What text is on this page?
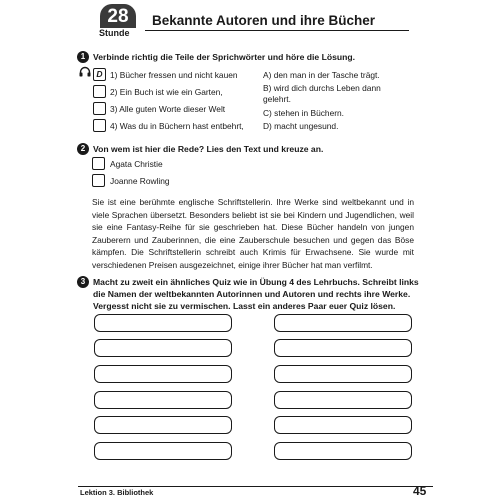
28
Stunde
Bekannte Autoren und ihre Bücher
1 Verbinde richtig die Teile der Sprichwörter und höre die Lösung.
D 1) Bücher fressen und nicht kauen
2) Ein Buch ist wie ein Garten,
3) Alle guten Worte dieser Welt
4) Was du in Büchern hast entbehrt,
A) den man in der Tasche trägt.
B) wird dich durchs Leben dann gelehrt.
C) stehen in Büchern.
D) macht ungesund.
2 Von wem ist hier die Rede? Lies den Text und kreuze an.
Agata Christie
Joanne Rowling
Sie ist eine berühmte englische Schriftstellerin. Ihre Werke sind weltbekannt und in viele Sprachen übersetzt. Besonders beliebt ist sie bei Kindern und Jugendlichen, weil sie eine Fantasy-Reihe für sie geschrieben hat. Diese Bücher handeln von jungen Zauberern und Zauberinnen, die eine Zauberschule besuchen und gegen das Böse kämpfen. Die Schriftstellerin schreibt auch Krimis für Erwachsene. Sie wurde mit verschiedenen Preisen ausgezeichnet, einige ihrer Bücher hat man verfilmt.
3 Macht zu zweit ein ähnliches Quiz wie in Übung 4 des Lehrbuchs. Schreibt links die Namen der weltbekannten Autorinnen und Autoren und rechts ihre Werke. Vergesst nicht sie zu vermischen. Lasst ein anderes Paar euer Quiz lösen.
Lektion 3. Bibliothek	45
